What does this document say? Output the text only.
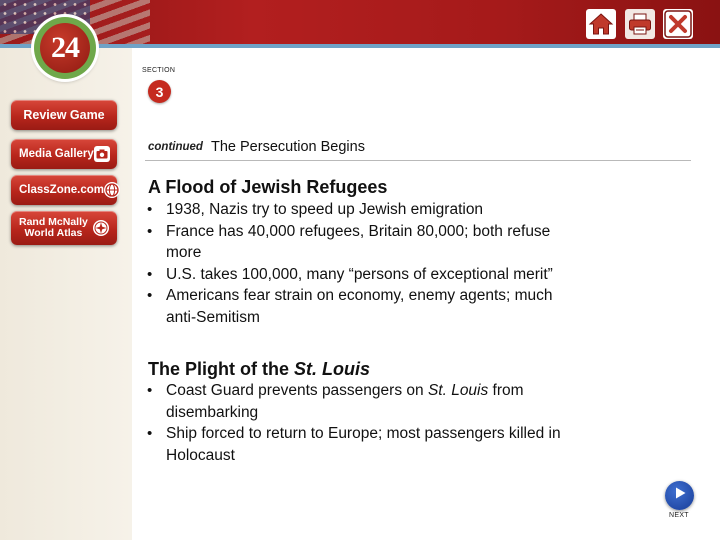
24
Review Game
Media Gallery
ClassZone.com
Rand McNally
World Atlas
SECTION
3
continued The Persecution Begins
A Flood of Jewish Refugees
• 1938, Nazis try to speed up Jewish emigration
• France has 40,000 refugees, Britain 80,000; both refuse more
• U.S. takes 100,000, many “persons of exceptional merit”
• Americans fear strain on economy, enemy agents; much anti-Semitism
The Plight of the St. Louis
• Coast Guard prevents passengers on St. Louis from disembarking
• Ship forced to return to Europe; most passengers killed in Holocaust
NEXT
